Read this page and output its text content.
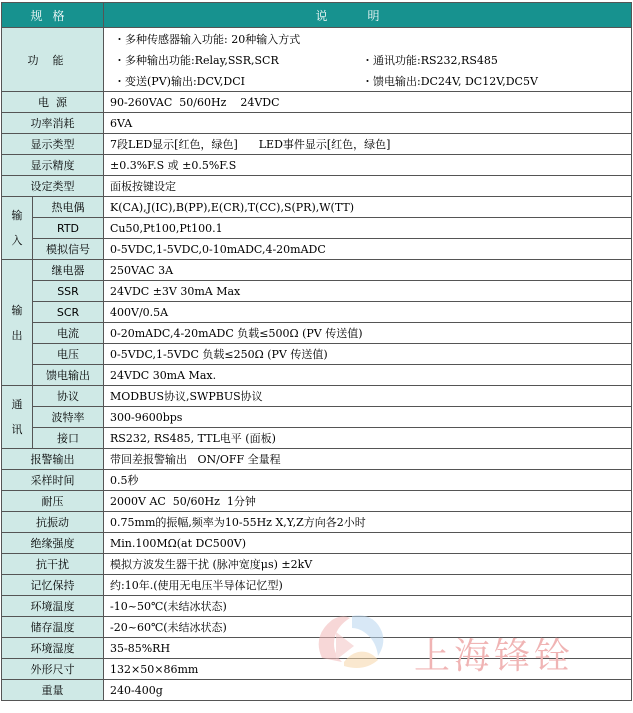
规格		说明
功能		・多种传感器输入功能: 20种输入方式
・多种输出功能:Relay,SSR,SCR ・通讯功能:RS232,RS485
・变送(PV)输出:DCV,DCI ・馈电输出:DC24V, DC12V,DC5V

电  源		90-260VAC  50/60Hz    24VDC
功率消耗		6VA
显示类型		7段LED显示[红色，绿色]      LED事件显示[红色，绿色]
显示精度		±0.3%F.S 或 ±0.5%F.S
设定类型		面板按键设定
输
入	热电偶	K(CA),J(IC),B(PP),E(CR),T(CC),S(PR),W(TT)
	RTD	Cu50,Pt100,Pt100.1
	模拟信号	0-5VDC,1-5VDC,0-10mADC,4-20mADC
输
出	继电器	250VAC 3A
	SSR	24VDC ±3V 30mA Max
	SCR	400V/0.5A
	电流	0-20mADC,4-20mADC 负载≤500Ω (PV 传送值)
	电压	0-5VDC,1-5VDC 负载≤250Ω (PV 传送值)
	馈电输出	24VDC 30mA Max.
通
讯	协议	MODBUS协议,SWPBUS协议
	波特率	300-9600bps
	接口	RS232, RS485, TTL电平 (面板)
报警输出		带回差报警输出   ON/OFF 全量程
采样时间		0.5秒
耐压		2000V AC  50/60Hz  1分钟
抗振动		0.75mm的振幅,频率为10-55Hz X,Y,Z方向各2小时
绝缘强度		Min.100MΩ(at DC500V)
抗干扰		模拟方波发生器干扰 (脉冲宽度μs) ±2kV
记忆保持		约:10年.(使用无电压半导体记忆型)
环境温度		-10~50℃(未结冰状态)
储存温度		-20~60℃(未结冰状态)
环境湿度		35-85%RH
外形尺寸		132×50×86mm
重量		240-400g
上海锋铨
